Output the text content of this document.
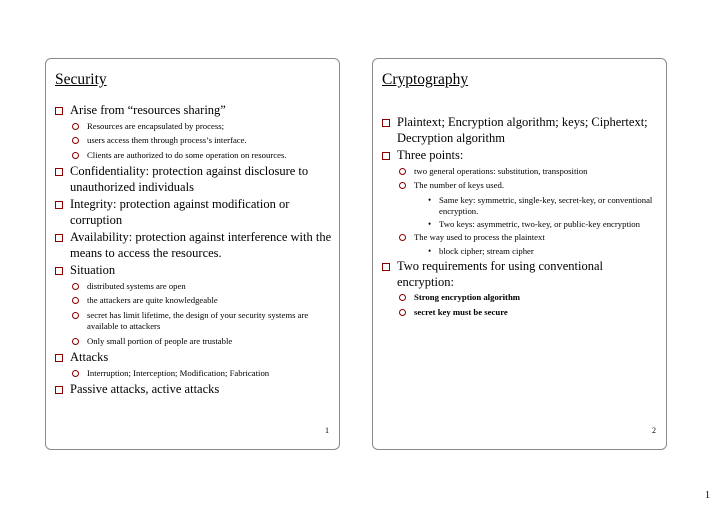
Security
Arise from “resources sharing”
Resources are encapsulated by process;
users access them through process’s interface.
Clients are authorized to do some operation on resources.
Confidentiality: protection against disclosure to unauthorized individuals
Integrity: protection against modification or corruption
Availability: protection against interference with the means to access the resources.
Situation
distributed systems are open
the attackers are quite knowledgeable
secret has limit lifetime, the design of your security systems are available to attackers
Only small portion of people are trustable
Attacks
Interruption; Interception; Modification; Fabrication
Passive attacks, active attacks
1
Cryptography
Plaintext; Encryption algorithm; keys; Ciphertext; Decryption algorithm
Three points:
two general operations: substitution, transposition
The number of keys used.
• Same key: symmetric, single-key, secret-key, or conventional encryption.
• Two keys: asymmetric, two-key, or public-key encryption
The way used to process the plaintext
• block cipher; stream cipher
Two requirements for using conventional encryption:
Strong encryption algorithm
secret key must be secure
2
1
